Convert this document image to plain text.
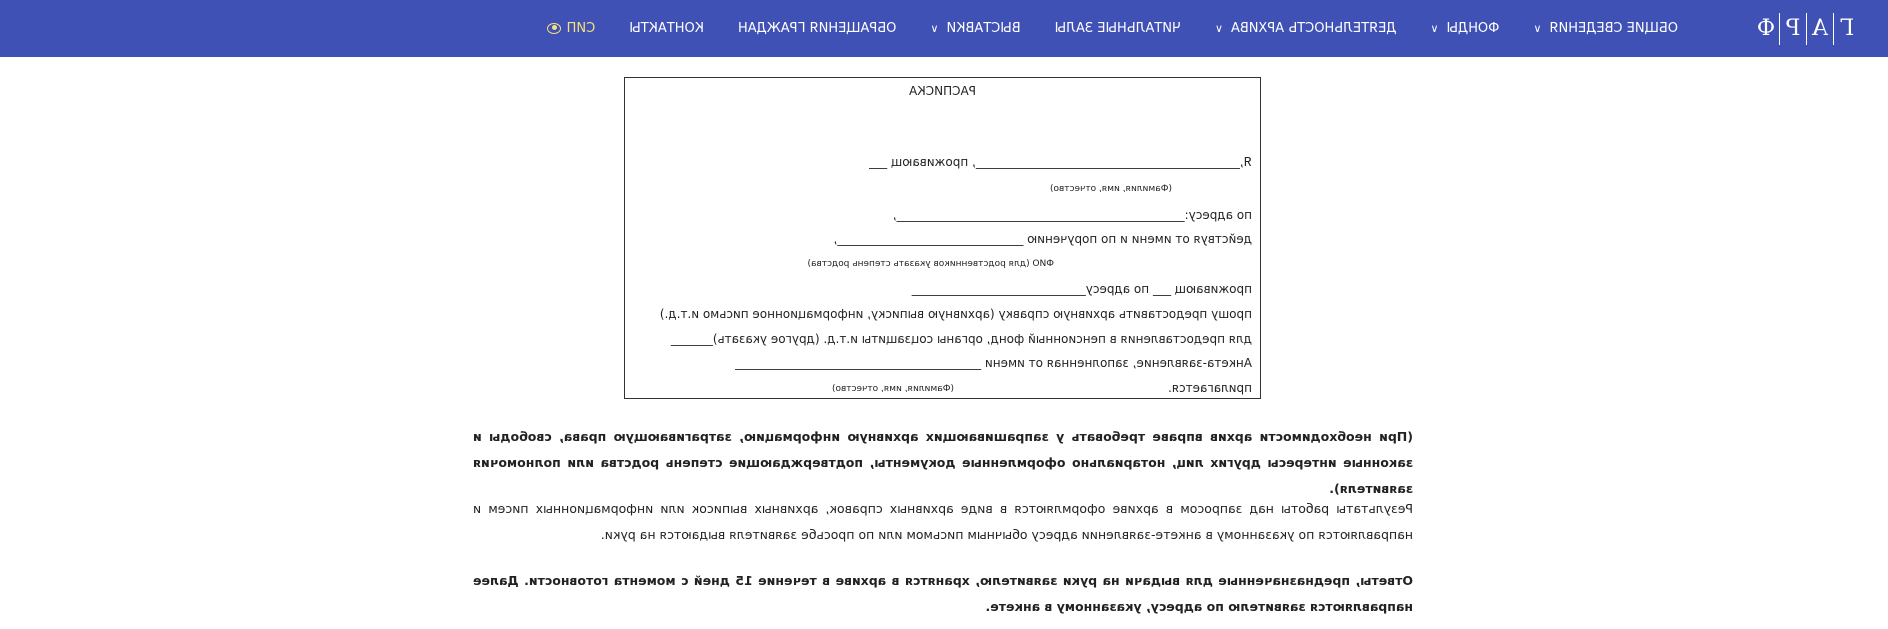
Г
А
Р
Ф
ОБЩИЕ СВЕДЕНИЯ
∨
ФОНДЫ
∨
ДЕЯТЕЛЬНОСТЬ АРХИВА
∨
ЧИТАЛЬНЫЕ ЗАЛЫ
ВЫСТАВКИ
∨
ОБРАЩЕНИЯ ГРАЖДАН
КОНТАКТЫ
СИП
РАСПИСКА
Я,____________________________________________, проживающ ___
(Фамилия, имя, отчество)
по адресу:________________________________________________,
действуя от имени и по поручению _______________________________,
ФИО (для родственников указать степень родства)
проживающ ___ по адресу_____________________________
прошу предоставить архивную справку (архивную выписку, информационное письмо и.т.д.)
для предоставления в пенсионный фонд, органы соцзащиты и.т.д. (другое указать)_______
Анкета-заявление, заполненная от имени _________________________________________
прилагается.
(Фамилия, имя, отчество)
(При необходимости архив вправе требовать у запрашивающих архивную информацию, затрагивающую права, свободы и законные интересы других лиц, нотариально оформленные документы, подтверждающие степень родства или полномочия заявителя).
Результаты работы над запросом в архиве оформляются в виде архивных справок, архивных выписок или информационных писем и направляются по указанному в анкете-заявлении адресу обычным письмом или по просьбе заявителя выдаются на руки.
Ответы, предназначенные для выдачи на руки заявителю, хранятся в архиве в течение 15 дней с момента готовности. Далее направляются заявителю по адресу, указанному в анкете.
